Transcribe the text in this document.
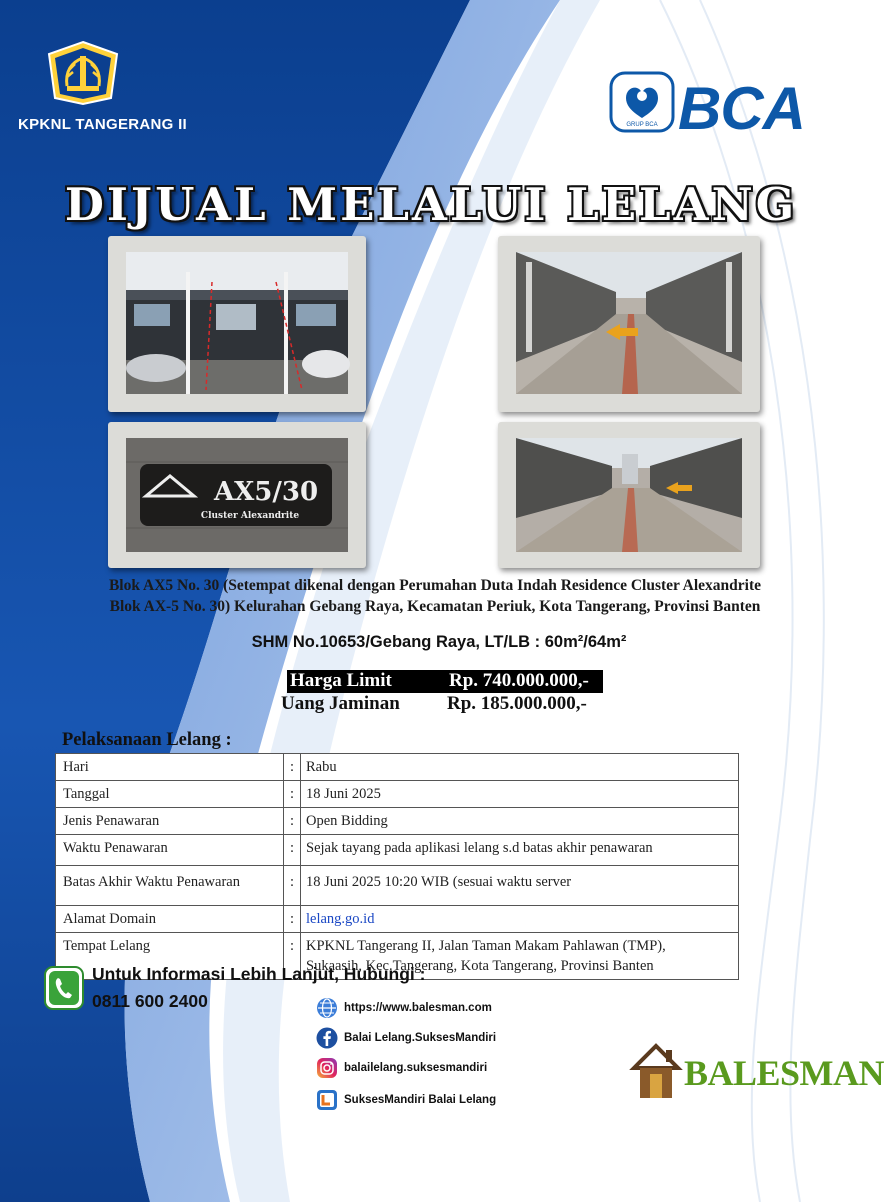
KPKNL TANGERANG II	GRUP BCA BCA
DIJUAL MELALUI LELANG
AX5/30
Cluster Alexandrite
Blok AX5 No. 30 (Setempat dikenal dengan Perumahan Duta Indah Residence Cluster Alexandrite
Blok AX-5 No. 30) Kelurahan Gebang Raya, Kecamatan Periuk, Kota Tangerang, Provinsi Banten
SHM No.10653/Gebang Raya, LT/LB : 60m²/64m²
Harga Limit	Rp. 740.000.000,-
Uang Jaminan Rp. 185.000.000,-
Pelaksanaan Lelang :
Hari	:	Rabu
Tanggal	:	18 Juni 2025
Jenis Penawaran	:	Open Bidding
Waktu Penawaran	:	Sejak tayang pada aplikasi lelang s.d batas akhir penawaran
Batas Akhir Waktu Penawaran	:	18 Juni 2025 10:20 WIB (sesuai waktu server
Alamat Domain	:	lelang.go.id
Tempat Lelang	:	KPKNL Tangerang II, Jalan Taman Makam Pahlawan (TMP),
Sukaasih, Kec.Tangerang, Kota Tangerang, Provinsi Banten
Untuk Informasi Lebih Lanjut, Hubungi :
0811 600 2400	https://www.balesman.com
Balai Lelang.SuksesMandiri
balailelang.suksesmandiri
SuksesMandiri Balai Lelang
BALESMAN
